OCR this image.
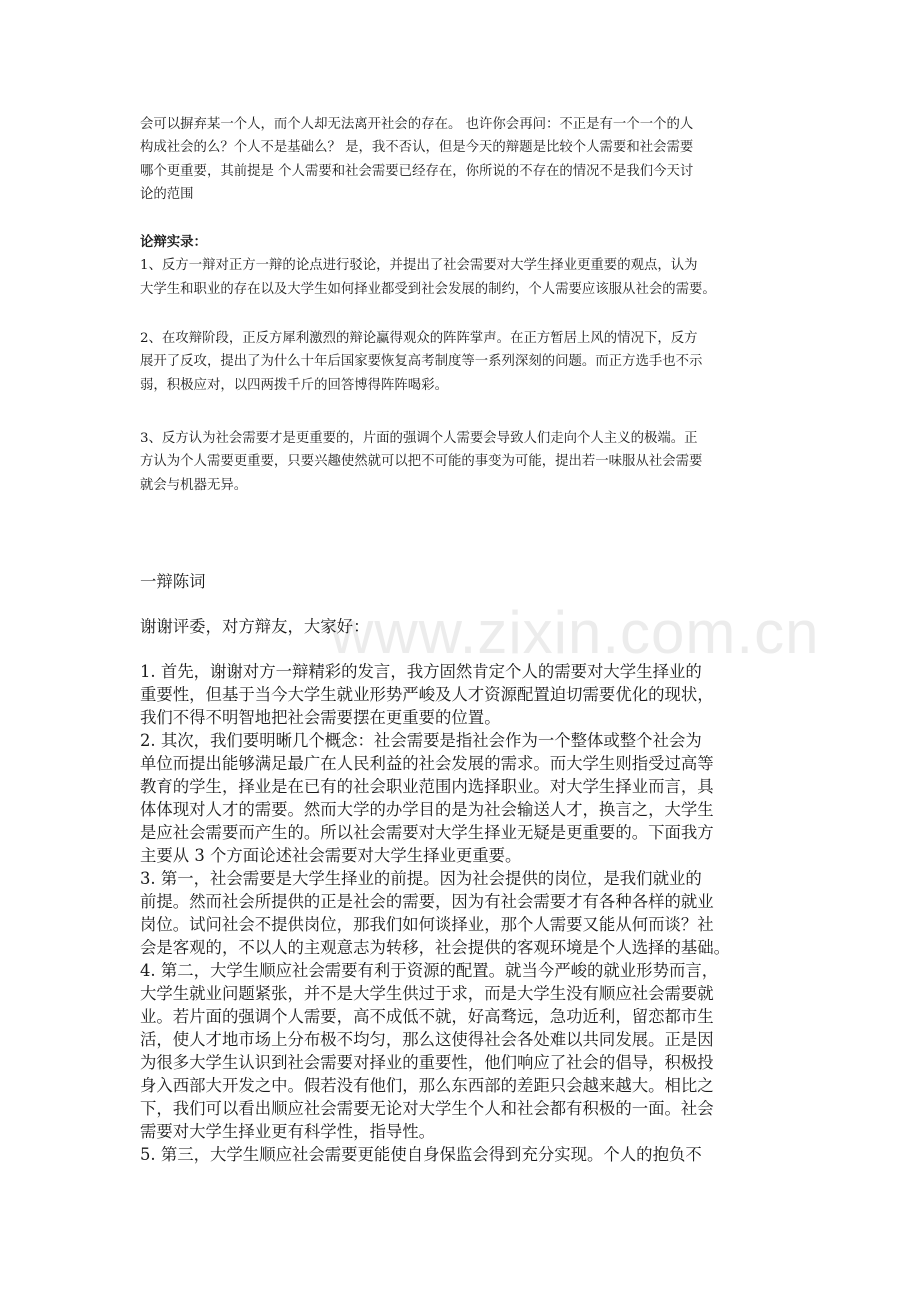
www.zixin.com.cn

会可以摒弃某一个人，而个人却无法离开社会的存在。 也许你会再问：不正是有一个一个的人
构成社会的么？个人不是基础么？ 是，我不否认，但是今天的辩题是比较个人需要和社会需要
哪个更重要，其前提是 个人需要和社会需要已经存在，你所说的不存在的情况不是我们今天讨
论的范围

论辩实录：

1、反方一辩对正方一辩的论点进行驳论，并提出了社会需要对大学生择业更重要的观点，认为
大学生和职业的存在以及大学生如何择业都受到社会发展的制约，个人需要应该服从社会的需要。

2、在攻辩阶段，正反方犀利激烈的辩论赢得观众的阵阵掌声。在正方暂居上风的情况下，反方
展开了反攻，提出了为什么十年后国家要恢复高考制度等一系列深刻的问题。而正方选手也不示
弱，积极应对，以四两拨千斤的回答博得阵阵喝彩。

3、反方认为社会需要才是更重要的，片面的强调个人需要会导致人们走向个人主义的极端。正
方认为个人需要更重要，只要兴趣使然就可以把不可能的事变为可能，提出若一味服从社会需要
就会与机器无异。

一辩陈词

谢谢评委，对方辩友，大家好：

1. 首先，谢谢对方一辩精彩的发言，我方固然肯定个人的需要对大学生择业的
重要性，但基于当今大学生就业形势严峻及人才资源配置迫切需要优化的现状，
我们不得不明智地把社会需要摆在更重要的位置。
2. 其次，我们要明晰几个概念：社会需要是指社会作为一个整体或整个社会为
单位而提出能够满足最广在人民利益的社会发展的需求。而大学生则指受过高等
教育的学生，择业是在已有的社会职业范围内选择职业。对大学生择业而言，具
体体现对人才的需要。然而大学的办学目的是为社会输送人才，换言之，大学生
是应社会需要而产生的。所以社会需要对大学生择业无疑是更重要的。下面我方
主要从 3 个方面论述社会需要对大学生择业更重要。
3. 第一，社会需要是大学生择业的前提。因为社会提供的岗位，是我们就业的
前提。然而社会所提供的正是社会的需要，因为有社会需要才有各种各样的就业
岗位。试问社会不提供岗位，那我们如何谈择业，那个人需要又能从何而谈？社
会是客观的，不以人的主观意志为转移，社会提供的客观环境是个人选择的基础。
4. 第二，大学生顺应社会需要有利于资源的配置。就当今严峻的就业形势而言，
大学生就业问题紧张，并不是大学生供过于求，而是大学生没有顺应社会需要就
业。若片面的强调个人需要，高不成低不就，好高骛远，急功近利，留恋都市生
活，使人才地市场上分布极不均匀，那么这使得社会各处难以共同发展。正是因
为很多大学生认识到社会需要对择业的重要性，他们响应了社会的倡导，积极投
身入西部大开发之中。假若没有他们，那么东西部的差距只会越来越大。相比之
下，我们可以看出顺应社会需要无论对大学生个人和社会都有积极的一面。社会
需要对大学生择业更有科学性，指导性。
5. 第三，大学生顺应社会需要更能使自身保监会得到充分实现。个人的抱负不
